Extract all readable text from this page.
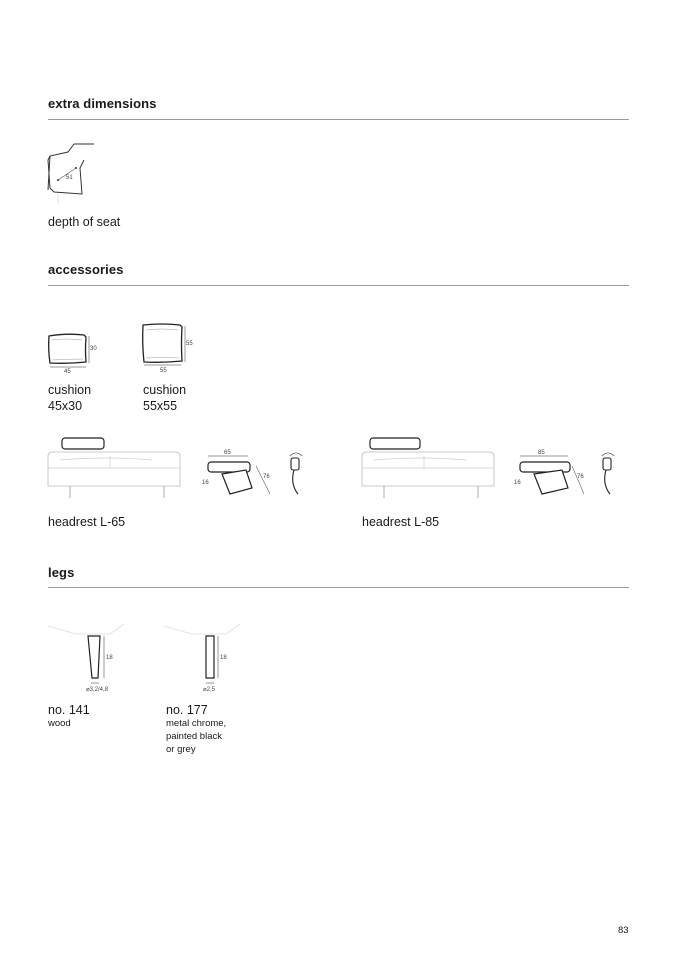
extra dimensions
51
depth of seat
accessories
30
45
cushion
45x30
55
55
cushion
55x55
65
76
16
headrest L-65
85
76
16
headrest L-85
legs
18
⌀3,2/4,8
no. 141
wood
18
⌀2,5
no. 177
metal chrome,
painted black
or grey
83
